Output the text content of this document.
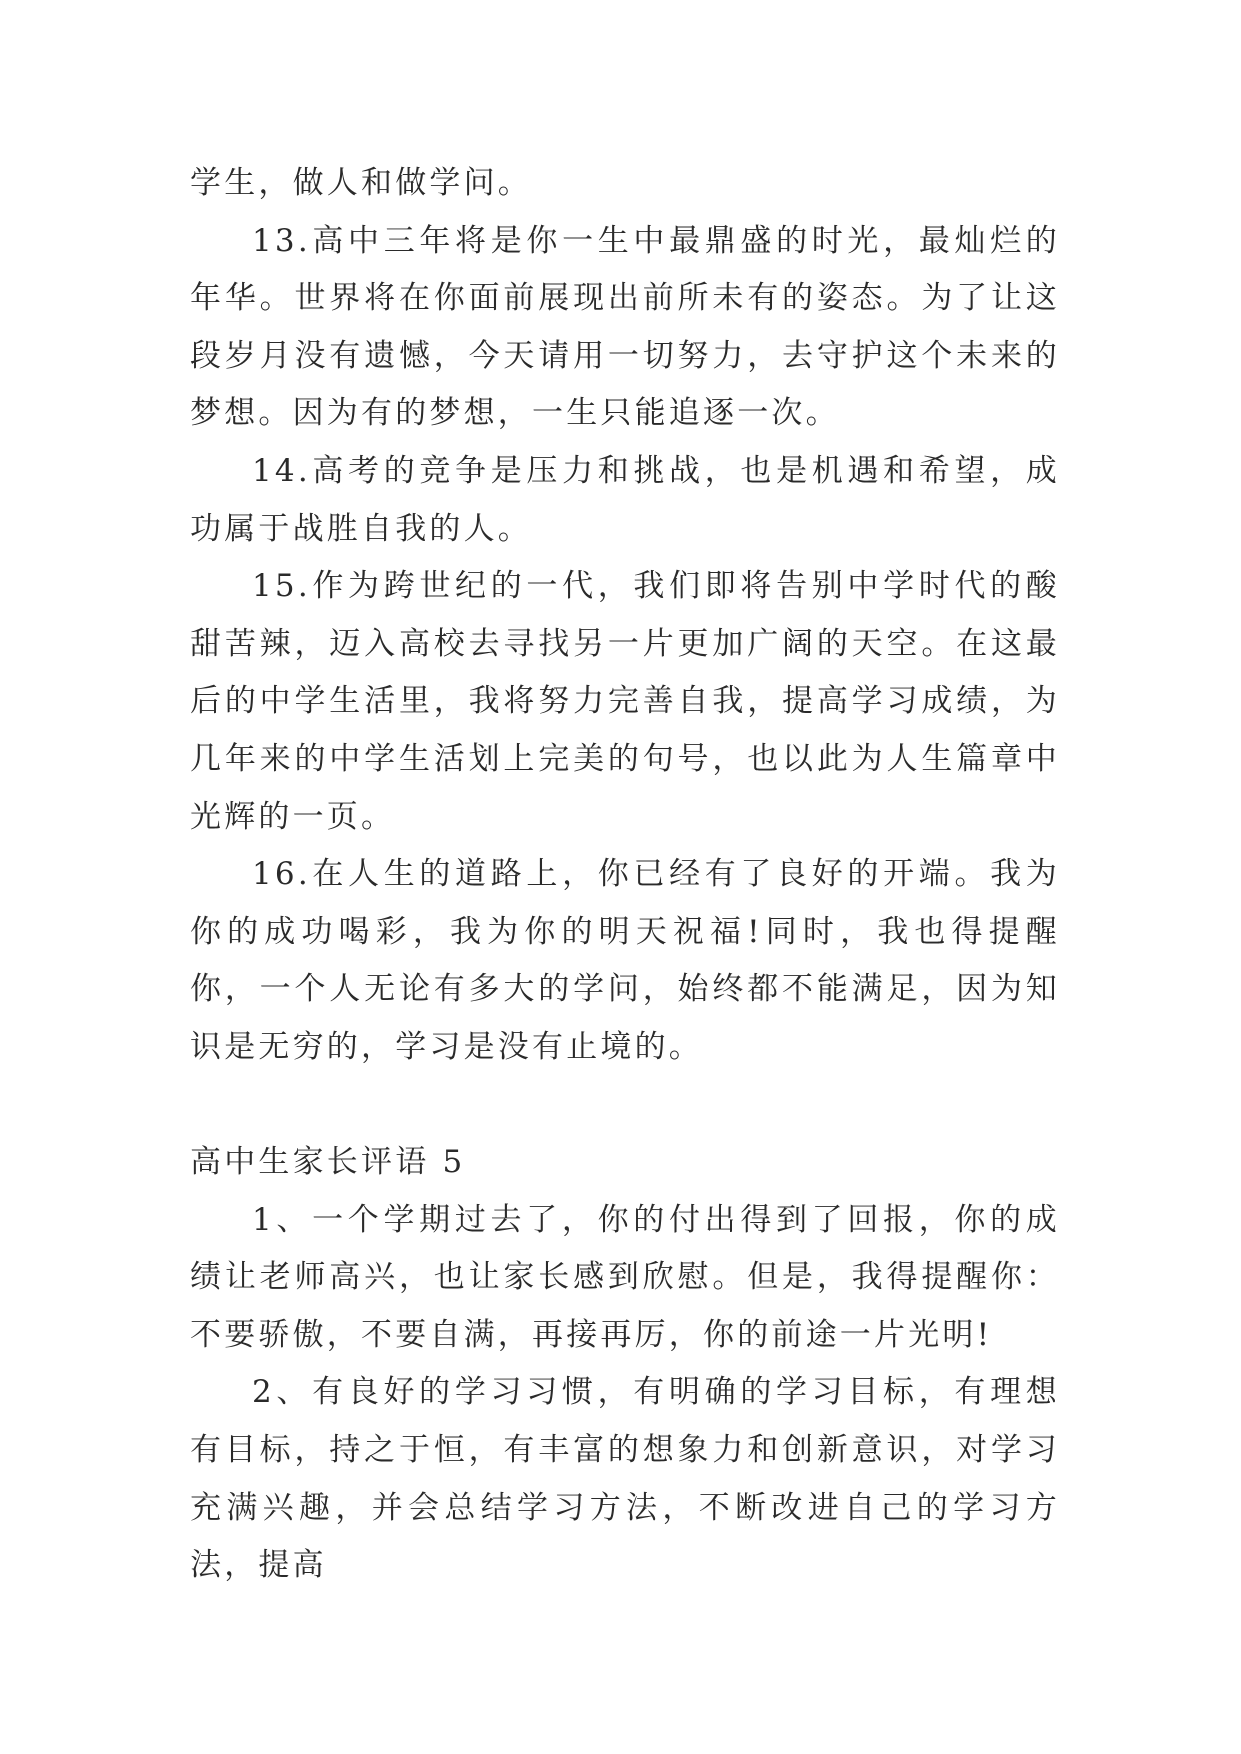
学生，做人和做学问。

13.高中三年将是你一生中最鼎盛的时光，最灿烂的年华。世界将在你面前展现出前所未有的姿态。为了让这段岁月没有遗憾，今天请用一切努力，去守护这个未来的梦想。因为有的梦想，一生只能追逐一次。

14.高考的竞争是压力和挑战，也是机遇和希望，成功属于战胜自我的人。

15.作为跨世纪的一代，我们即将告别中学时代的酸甜苦辣，迈入高校去寻找另一片更加广阔的天空。在这最后的中学生活里，我将努力完善自我，提高学习成绩，为几年来的中学生活划上完美的句号，也以此为人生篇章中光辉的一页。

16.在人生的道路上，你已经有了良好的开端。我为你的成功喝彩，我为你的明天祝福!同时，我也得提醒你，一个人无论有多大的学问，始终都不能满足，因为知识是无穷的，学习是没有止境的。

高中生家长评语 5

1、一个学期过去了，你的付出得到了回报，你的成绩让老师高兴，也让家长感到欣慰。但是，我得提醒你：不要骄傲，不要自满，再接再厉，你的前途一片光明!

2、有良好的学习习惯，有明确的学习目标，有理想有目标，持之于恒，有丰富的想象力和创新意识，对学习充满兴趣，并会总结学习方法，不断改进自己的学习方法，提高
